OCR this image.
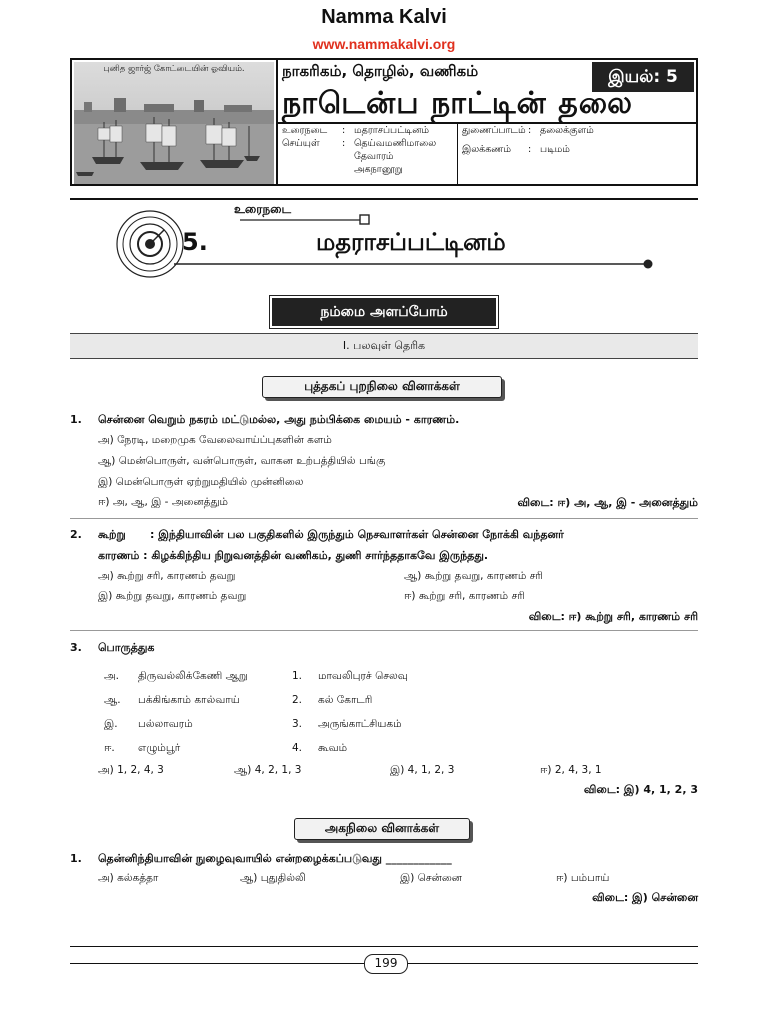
Namma Kalvi
www.nammakalvi.org
புனித ஜார்ஜ் கோட்டையின் ஓவியம்.	நாகரிகம், தொழில், வணிகம்	இயல்: 5
நாடென்ப நாட்டின் தலை
உரைநடை : மதராசப்பட்டினம்
செய்யுள் : தெய்வமணிமாலை
தேவாரம்
அகநானூறு
துணைப்பாடம் : தலைக்குளம்
இலக்கணம் : படிமம்
உரைநடை
5.	மதராசப்பட்டினம்
நம்மை அளப்போம்
I. பலவுள் தெரிக
புத்தகப் புறநிலை வினாக்கள்
1. சென்னை வெறும் நகரம் மட்டுமல்ல, அது நம்பிக்கை மையம் - காரணம்.
அ) நேரடி, மறைமுக வேலைவாய்ப்புகளின் களம்
ஆ) மென்பொருள், வன்பொருள், வாகன உற்பத்தியில் பங்கு
இ) மென்பொருள் ஏற்றுமதியில் முன்னிலை
ஈ) அ, ஆ, இ - அனைத்தும்	விடை: ஈ) அ, ஆ, இ - அனைத்தும்
2. கூற்று : இந்தியாவின் பல பகுதிகளில் இருந்தும் நெசவாளர்கள் சென்னை நோக்கி வந்தனர்
காரணம் : கிழக்கிந்திய நிறுவனத்தின் வணிகம், துணி சார்ந்ததாகவே இருந்தது.
அ) கூற்று சரி, காரணம் தவறு	ஆ) கூற்று தவறு, காரணம் சரி
இ) கூற்று தவறு, காரணம் தவறு	ஈ) கூற்று சரி, காரணம் சரி
விடை: ஈ) கூற்று சரி, காரணம் சரி
3. பொருத்துக
அ. திருவல்லிக்கேணி ஆறு	1. மாவலிபுரச் செலவு
ஆ. பக்கிங்காம் கால்வாய்	2. கல் கோடரி
இ. பல்லாவரம்	3. அருங்காட்சியகம்
ஈ. எழும்பூர்	4. கூவம்
அ) 1, 2, 4, 3	ஆ) 4, 2, 1, 3	இ) 4, 1, 2, 3	ஈ) 2, 4, 3, 1
விடை: இ) 4, 1, 2, 3
அகநிலை வினாக்கள்
1. தென்னிந்தியாவின் நுழைவுவாயில் என்றழைக்கப்படுவது ____________
அ) கல்கத்தா	ஆ) புதுதில்லி	இ) சென்னை	ஈ) பம்பாய்
விடை: இ) சென்னை
199
